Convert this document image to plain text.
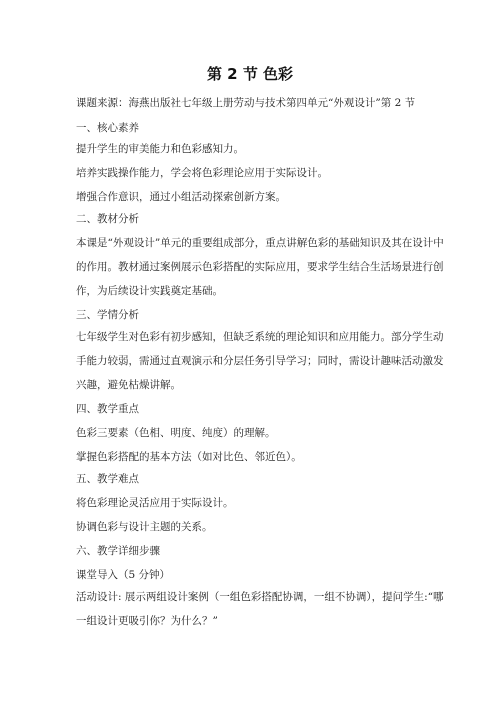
第 2 节 色彩
课题来源：海燕出版社七年级上册劳动与技术第四单元“外观设计”第 2 节
一、核心素养
提升学生的审美能力和色彩感知力。
培养实践操作能力，学会将色彩理论应用于实际设计。
增强合作意识，通过小组活动探索创新方案。
二、教材分析
本课是“外观设计”单元的重要组成部分，重点讲解色彩的基础知识及其在设计中
的作用。教材通过案例展示色彩搭配的实际应用，要求学生结合生活场景进行创
作，为后续设计实践奠定基础。
三、学情分析
七年级学生对色彩有初步感知，但缺乏系统的理论知识和应用能力。部分学生动
手能力较弱，需通过直观演示和分层任务引导学习；同时，需设计趣味活动激发
兴趣，避免枯燥讲解。
四、教学重点
色彩三要素（色相、明度、纯度）的理解。
掌握色彩搭配的基本方法（如对比色、邻近色）。
五、教学难点
将色彩理论灵活应用于实际设计。
协调色彩与设计主题的关系。
六、教学详细步骤
课堂导入（5 分钟）
活动设计: 展示两组设计案例（一组色彩搭配协调，一组不协调），提问学生:“哪
一组设计更吸引你？为什么？”
